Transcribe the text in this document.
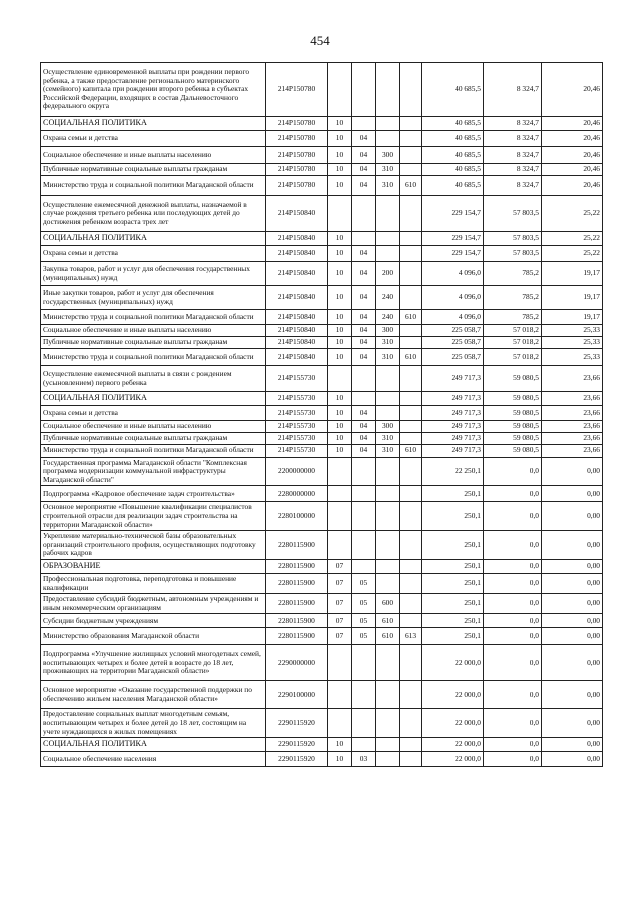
454
Осуществление единовременной выплаты при рождении первого ребенка, а также предоставление регионального материнского (семейного) капитала при рождении второго ребенка в субъектах Российской Федерации, входящих в состав Дальневосточного федерального округа	214P150780					40 685,5	8 324,7	20,46
СОЦИАЛЬНАЯ ПОЛИТИКА	214P150780	10				40 685,5	8 324,7	20,46
Охрана семьи и детства	214P150780	10	04			40 685,5	8 324,7	20,46
Социальное обеспечение и иные выплаты населению	214P150780	10	04	300		40 685,5	8 324,7	20,46
Публичные нормативные социальные выплаты гражданам	214P150780	10	04	310		40 685,5	8 324,7	20,46
Министерство труда и социальной политики Магаданской области	214P150780	10	04	310	610	40 685,5	8 324,7	20,46
Осуществление ежемесячной денежной выплаты, назначаемой в случае рождения третьего ребенка или последующих детей до достижения ребенком возраста трех лет	214P150840					229 154,7	57 803,5	25,22
СОЦИАЛЬНАЯ ПОЛИТИКА	214P150840	10				229 154,7	57 803,5	25,22
Охрана семьи и детства	214P150840	10	04			229 154,7	57 803,5	25,22
Закупка товаров, работ и услуг для обеспечения государственных (муниципальных) нужд	214P150840	10	04	200		4 096,0	785,2	19,17
Иные закупки товаров, работ и услуг для обеспечения государственных (муниципальных) нужд	214P150840	10	04	240		4 096,0	785,2	19,17
Министерство труда и социальной политики Магаданской области	214P150840	10	04	240	610	4 096,0	785,2	19,17
Социальное обеспечение и иные выплаты населению	214P150840	10	04	300		225 058,7	57 018,2	25,33
Публичные нормативные социальные выплаты гражданам	214P150840	10	04	310		225 058,7	57 018,2	25,33
Министерство труда и социальной политики Магаданской области	214P150840	10	04	310	610	225 058,7	57 018,2	25,33
Осуществление ежемесячной выплаты в связи с рождением (усыновлением) первого ребенка	214P155730					249 717,3	59 080,5	23,66
СОЦИАЛЬНАЯ ПОЛИТИКА	214P155730	10				249 717,3	59 080,5	23,66
Охрана семьи и детства	214P155730	10	04			249 717,3	59 080,5	23,66
Социальное обеспечение и иные выплаты населению	214P155730	10	04	300		249 717,3	59 080,5	23,66
Публичные нормативные социальные выплаты гражданам	214P155730	10	04	310		249 717,3	59 080,5	23,66
Министерство труда и социальной политики Магаданской области	214P155730	10	04	310	610	249 717,3	59 080,5	23,66
Государственная программа Магаданской области "Комплексная программа модернизации коммунальной инфраструктуры Магаданской области"	2200000000					22 250,1	0,0	0,00
Подпрограмма «Кадровое обеспечение задач строительства»	2280000000					250,1	0,0	0,00
Основное мероприятие «Повышение квалификации специалистов строительной отрасли для реализации задач строительства на территории Магаданской области»	2280100000					250,1	0,0	0,00
Укрепление материально-технической базы образовательных организаций строительного профиля, осуществляющих подготовку рабочих кадров	2280115900					250,1	0,0	0,00
ОБРАЗОВАНИЕ	2280115900	07				250,1	0,0	0,00
Профессиональная подготовка, переподготовка и повышение квалификации	2280115900	07	05			250,1	0,0	0,00
Предоставление субсидий бюджетным, автономным учреждениям и иным некоммерческим организациям	2280115900	07	05	600		250,1	0,0	0,00
Субсидии бюджетным учреждениям	2280115900	07	05	610		250,1	0,0	0,00
Министерство образования Магаданской области	2280115900	07	05	610	613	250,1	0,0	0,00
Подпрограмма «Улучшение жилищных условий многодетных семей, воспитывающих четырех и более детей в возрасте до 18 лет, проживающих на территории Магаданской области»	2290000000					22 000,0	0,0	0,00
Основное мероприятие «Оказание государственной поддержки по обеспечению жильем населения Магаданской области»	2290100000					22 000,0	0,0	0,00
Предоставление социальных выплат многодетным семьям, воспитывающим четырех и более детей до 18 лет, состоящим на учете нуждающихся в жилых помещениях	2290115920					22 000,0	0,0	0,00
СОЦИАЛЬНАЯ ПОЛИТИКА	2290115920	10				22 000,0	0,0	0,00
Социальное обеспечение населения	2290115920	10	03			22 000,0	0,0	0,00
